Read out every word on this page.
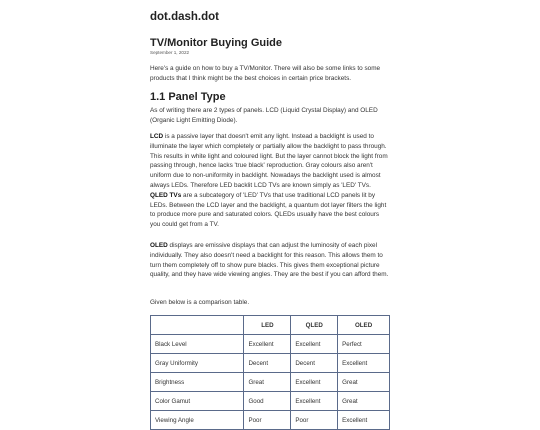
dot.dash.dot
TV/Monitor Buying Guide
September 1, 2022

Here's a guide on how to buy a TV/Monitor. There will also be some links to some products that I think might be the best choices in certain price brackets.

1.1 Panel Type

As of writing there are 2 types of panels. LCD (Liquid Crystal Display) and OLED (Organic Light Emitting Diode).

LCD is a passive layer that doesn't emit any light. Instead a backlight is used to illuminate the layer which completely or partially allow the backlight to pass through. This results in white light and coloured light. But the layer cannot block the light from passing through, hence lacks 'true black' reproduction. Gray colours also aren't uniform due to non-uniformity in backlight. Nowadays the backlight used is almost always LEDs. Therefore LED backlit LCD TVs are known simply as 'LED' TVs. QLED TVs are a subcategory of 'LED' TVs that use traditional LCD panels lit by LEDs. Between the LCD layer and the backlight, a quantum dot layer filters the light to produce more pure and saturated colors. QLEDs usually have the best colours you could get from a TV.

OLED displays are emissive displays that can adjust the luminosity of each pixel individually. They also doesn't need a backlight for this reason. This allows them to turn them completely off to show pure blacks. This gives them exceptional picture quality, and they have wide viewing angles. They are the best if you can afford them.

Given below is a comparison table.

	LED	QLED	OLED
Black Level	Excellent	Excellent	Perfect
Gray Uniformity	Decent	Decent	Excellent
Brightness	Great	Excellent	Great
Color Gamut	Good	Excellent	Great
Viewing Angle	Poor	Poor	Excellent
